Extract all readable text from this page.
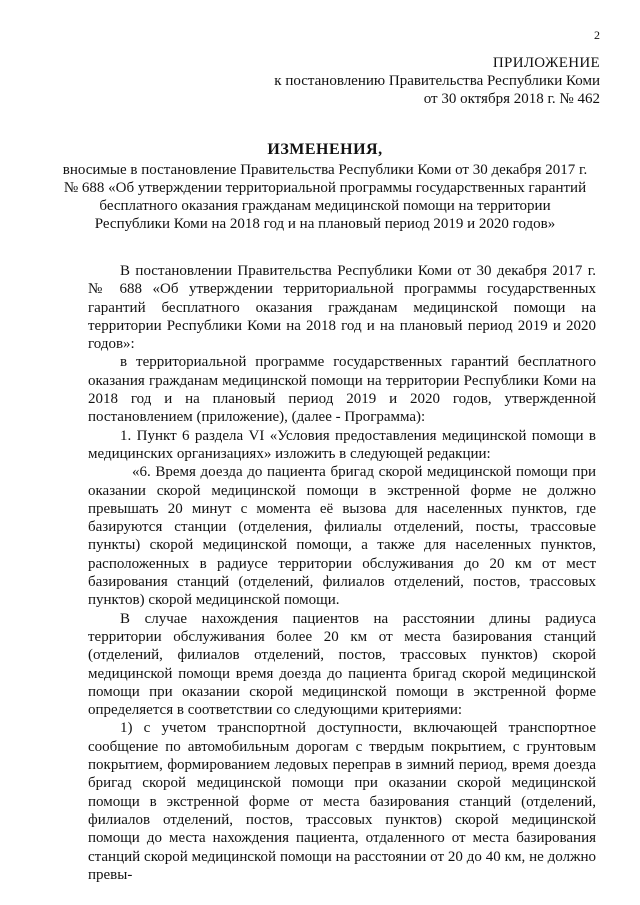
2
ПРИЛОЖЕНИЕ
к постановлению Правительства Республики Коми
от 30 октября 2018 г. № 462
ИЗМЕНЕНИЯ,
вносимые в постановление Правительства Республики Коми от 30 декабря 2017 г. № 688 «Об утверждении территориальной программы государственных гарантий бесплатного оказания гражданам медицинской помощи на территории Республики Коми на 2018 год и на плановый период 2019 и 2020 годов»

В постановлении Правительства Республики Коми от 30 декабря 2017 г. № 688 «Об утверждении территориальной программы государственных гарантий бесплатного оказания гражданам медицинской помощи на территории Республики Коми на 2018 год и на плановый период 2019 и 2020 годов»:

в территориальной программе государственных гарантий бесплатного оказания гражданам медицинской помощи на территории Республики Коми на 2018 год и на плановый период 2019 и 2020 годов, утвержденной постановлением (приложение), (далее - Программа):

1. Пункт 6 раздела VI «Условия предоставления медицинской помощи в медицинских организациях» изложить в следующей редакции:

«6. Время доезда до пациента бригад скорой медицинской помощи при оказании скорой медицинской помощи в экстренной форме не должно превышать 20 минут с момента её вызова для населенных пунктов, где базируются станции (отделения, филиалы отделений, посты, трассовые пункты) скорой медицинской помощи, а также для населенных пунктов, расположенных в радиусе территории обслуживания до 20 км от мест базирования станций (отделений, филиалов отделений, постов, трассовых пунктов) скорой медицинской помощи.

В случае нахождения пациентов на расстоянии длины радиуса территории обслуживания более 20 км от места базирования станций (отделений, филиалов отделений, постов, трассовых пунктов) скорой медицинской помощи время доезда до пациента бригад скорой медицинской помощи при оказании скорой медицинской помощи в экстренной форме определяется в соответствии со следующими критериями:

1) с учетом транспортной доступности, включающей транспортное сообщение по автомобильным дорогам с твердым покрытием, с грунтовым покрытием, формированием ледовых переправ в зимний период, время доезда бригад скорой медицинской помощи при оказании скорой медицинской помощи в экстренной форме от места базирования станций (отделений, филиалов отделений, постов, трассовых пунктов) скорой медицинской помощи до места нахождения пациента, отдаленного от места базирования станций скорой медицинской помощи на расстоянии от 20 до 40 км, не должно превы-
